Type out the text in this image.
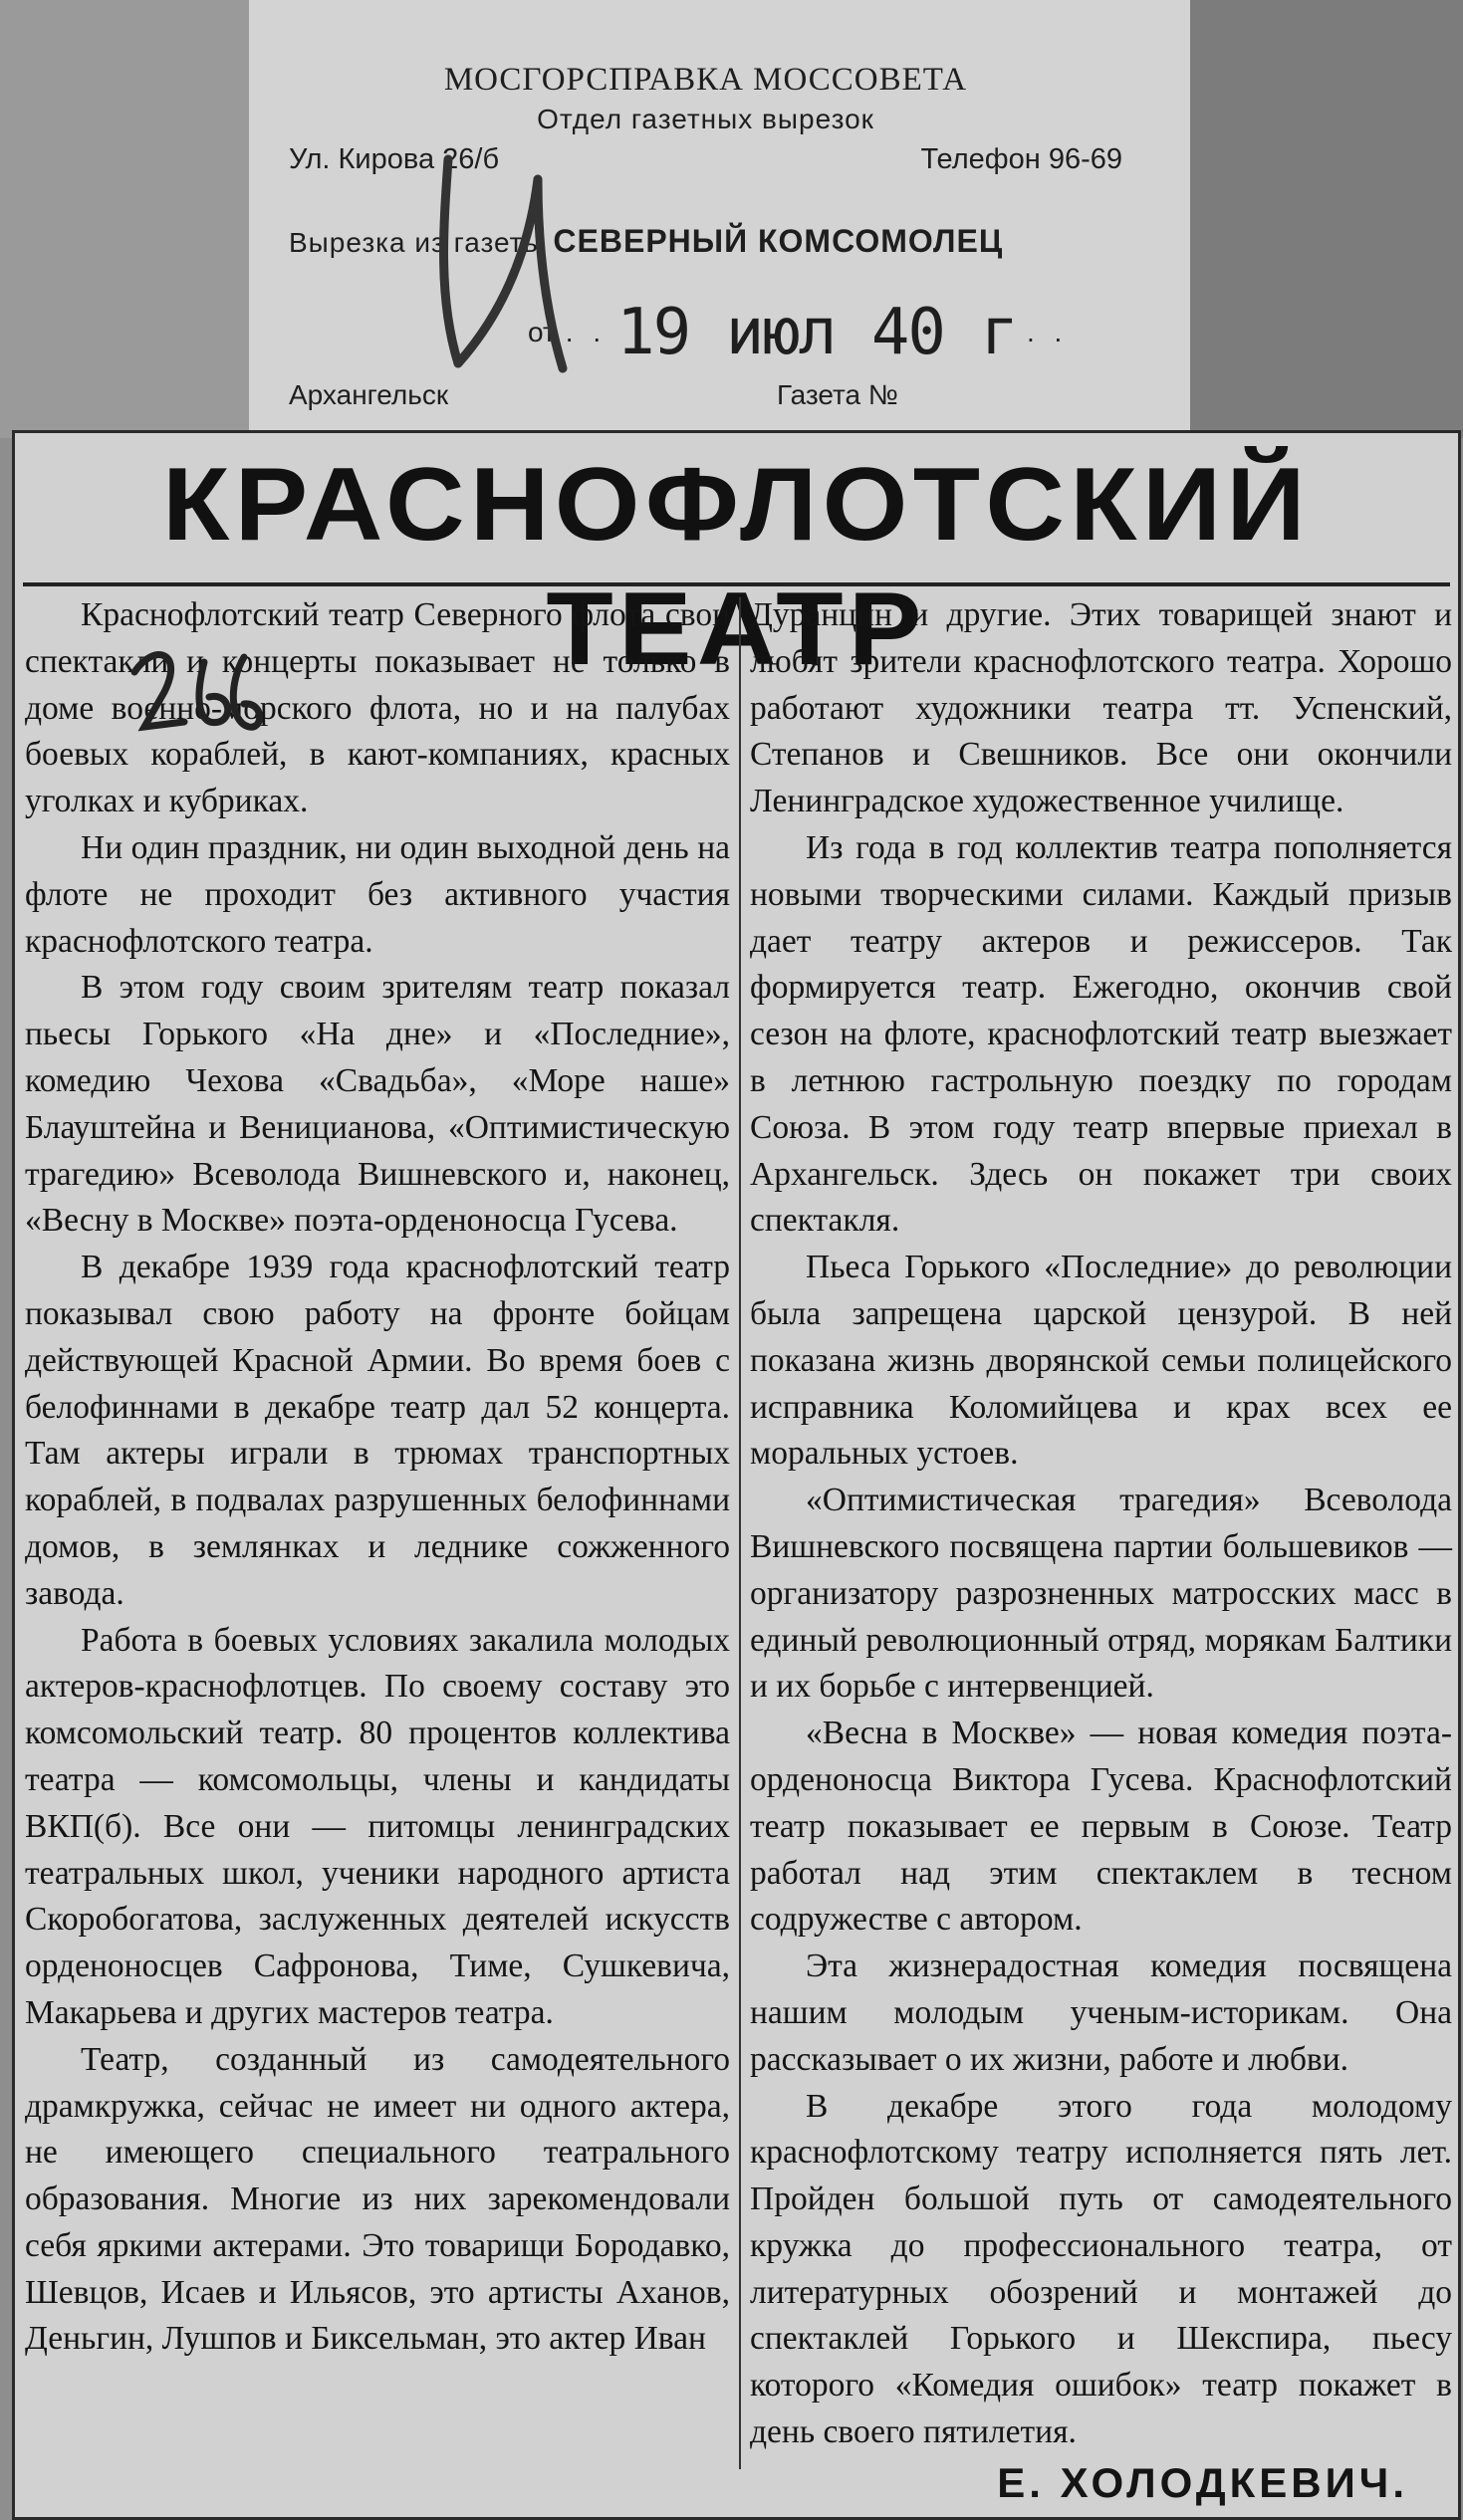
МОСГОРСПРАВКА МОССОВЕТА
Отдел газетных вырезок
Ул. Кирова 26/б	Телефон 96-69
Вырезка из газеты СЕВЕРНЫЙ КОМСОМОЛЕЦ
от . . 19 июл 40 г . .
Архангельск	Газета №
КРАСНОФЛОТСКИЙ ТЕАТР

Краснофлотский театр Северного флота свои спектакли и концерты показывает не только в доме военно-морского флота, но и на палубах боевых кораблей, в кают-компаниях, красных уголках и кубриках.

Ни один праздник, ни один выходной день на флоте не проходит без активного участия краснофлотского театра.

В этом году своим зрителям театр показал пьесы Горького «На дне» и «Последние», комедию Чехова «Свадьба», «Море наше» Блауштейна и Веницианова, «Оптимистическую трагедию» Всеволода Вишневского и, наконец, «Весну в Москве» поэта-орденоносца Гусева.

В декабре 1939 года краснофлотский театр показывал свою работу на фронте бойцам действующей Красной Армии. Во время боев с белофиннами в декабре театр дал 52 концерта. Там актеры играли в трюмах транспортных кораблей, в подвалах разрушенных белофиннами домов, в землянках и леднике сожженного завода.

Работа в боевых условиях закалила молодых актеров-краснофлотцев. По своему составу это комсомольский театр. 80 процентов коллектива театра — комсомольцы, члены и кандидаты ВКП(б). Все они — питомцы ленинградских театральных школ, ученики народного артиста Скоробогатова, заслуженных деятелей искусств орденоносцев Сафронова, Тиме, Сушкевича, Макарьева и других мастеров театра.

Театр, созданный из самодеятельного драмкружка, сейчас не имеет ни одного актера, не имеющего специального театрального образования. Многие из них зарекомендовали себя яркими актерами. Это товарищи Бородавко, Шевцов, Исаев и Ильясов, это артисты Аханов, Деньгин, Лушпов и Биксельман, это актер Иван

Дуранцин и другие. Этих товарищей знают и любят зрители краснофлотского театра. Хорошо работают художники театра тт. Успенский, Степанов и Свешников. Все они окончили Ленинградское художественное училище.

Из года в год коллектив театра пополняется новыми творческими силами. Каждый призыв дает театру актеров и режиссеров. Так формируется театр. Ежегодно, окончив свой сезон на флоте, краснофлотский театр выезжает в летнюю гастрольную поездку по городам Союза. В этом году театр впервые приехал в Архангельск. Здесь он покажет три своих спектакля.

Пьеса Горького «Последние» до революции была запрещена царской цензурой. В ней показана жизнь дворянской семьи полицейского исправника Коломийцева и крах всех ее моральных устоев.

«Оптимистическая трагедия» Всеволода Вишневского посвящена партии большевиков — организатору разрозненных матросских масс в единый революционный отряд, морякам Балтики и их борьбе с интервенцией.

«Весна в Москве» — новая комедия поэта-орденоносца Виктора Гусева. Краснофлотский театр показывает ее первым в Союзе. Театр работал над этим спектаклем в тесном содружестве с автором.

Эта жизнерадостная комедия посвящена нашим молодым ученым-историкам. Она рассказывает о их жизни, работе и любви.

В декабре этого года молодому краснофлотскому театру исполняется пять лет. Пройден большой путь от самодеятельного кружка до профессионального театра, от литературных обозрений и монтажей до спектаклей Горького и Шекспира, пьесу которого «Комедия ошибок» театр покажет в день своего пятилетия.

Е. ХОЛОДКЕВИЧ.
